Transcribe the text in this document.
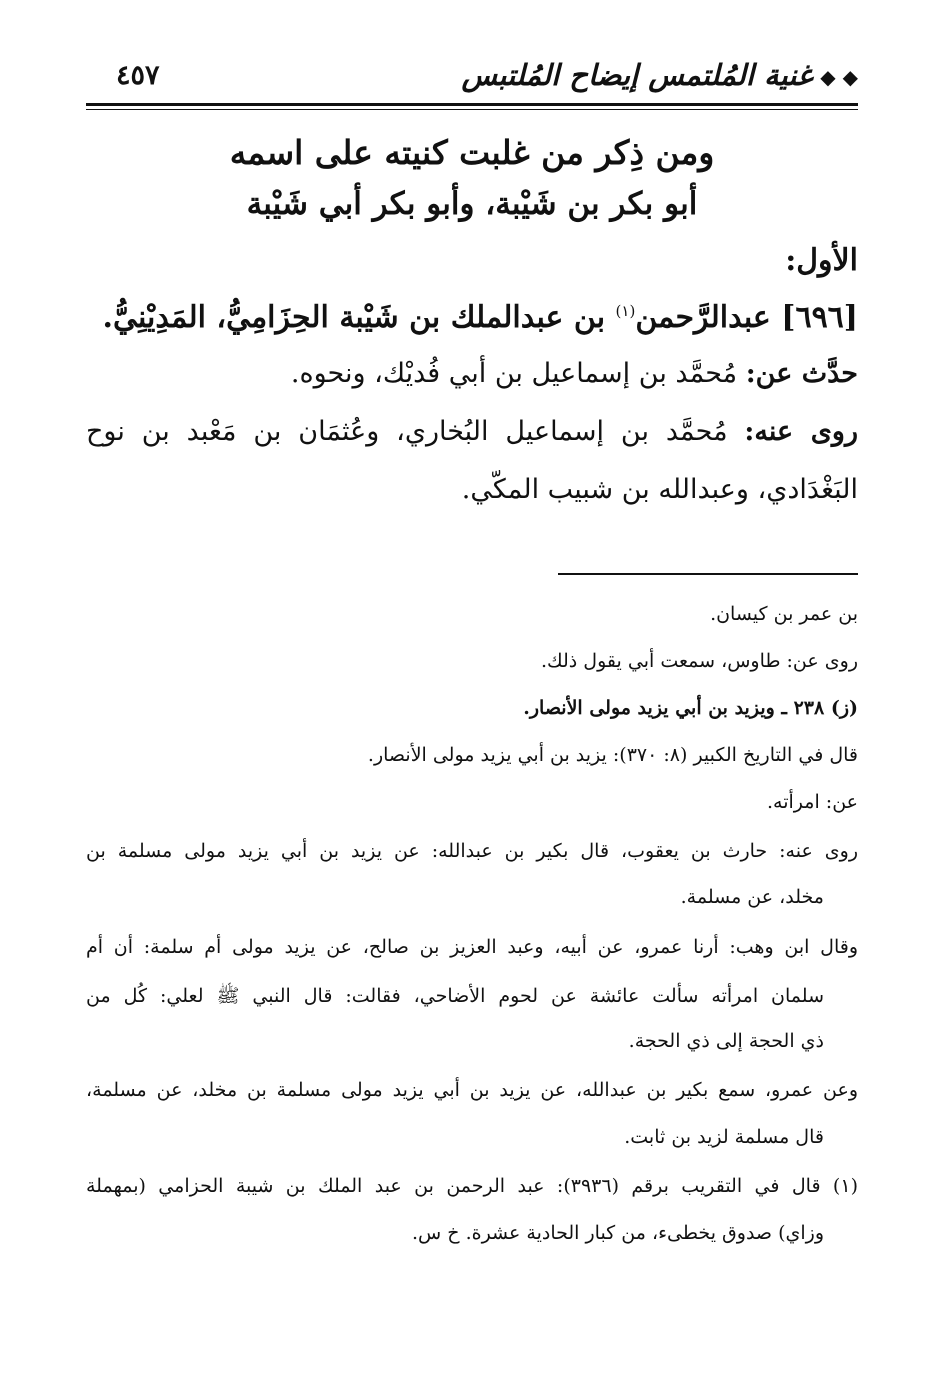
◆ ◆غنية المُلتمس إيضاح المُلتبس
٤٥٧
ومن ذِكر من غلبت كنيته على اسمه
أبو بكر بن شَيْبة، وأبو بكر أبي شَيْبة
الأول:
[٦٩٦] عبدالرَّحمن$^{(١)}$ بن عبدالملك بن شَيْبة الحِزَامِيُّ، المَدِيْنِيُّ.
حدَّث عن: مُحمَّد بن إسماعيل بن أبي فُديْك، ونحوه.
روى عنه: مُحمَّد بن إسماعيل البُخاري، وعُثمَان بن مَعْبد بن نوح
البَغْدَادي، وعبدالله بن شبيب المكّي.
بن عمر بن كيسان.
روى عن: طاوس، سمعت أبي يقول ذلك.
(ز) ٢٣٨ ـ ويزيد بن أبي يزيد مولى الأنصار.
قال في التاريخ الكبير (٨: ٣٧٠): يزيد بن أبي يزيد مولى الأنصار.
عن: امرأته.
روى عنه: حارث بن يعقوب، قال بكير بن عبدالله: عن يزيد بن أبي يزيد مولى مسلمة بن
مخلد، عن مسلمة.
وقال ابن وهب: أرنا عمرو، عن أبيه، وعبد العزيز بن صالح، عن يزيد مولى أم سلمة: أن أم
سلمان امرأته سألت عائشة عن لحوم الأضاحي، فقالت: قال النبي ﷺ لعلي: كُل من
ذي الحجة إلى ذي الحجة.
وعن عمرو، سمع بكير بن عبدالله، عن يزيد بن أبي يزيد مولى مسلمة بن مخلد، عن مسلمة،
قال مسلمة لزيد بن ثابت.
(١) قال في التقريب برقم (٣٩٣٦): عبد الرحمن بن عبد الملك بن شيبة الحزامي (بمهملة
وزاي) صدوق يخطىء، من كبار الحادية عشرة. خ س.
